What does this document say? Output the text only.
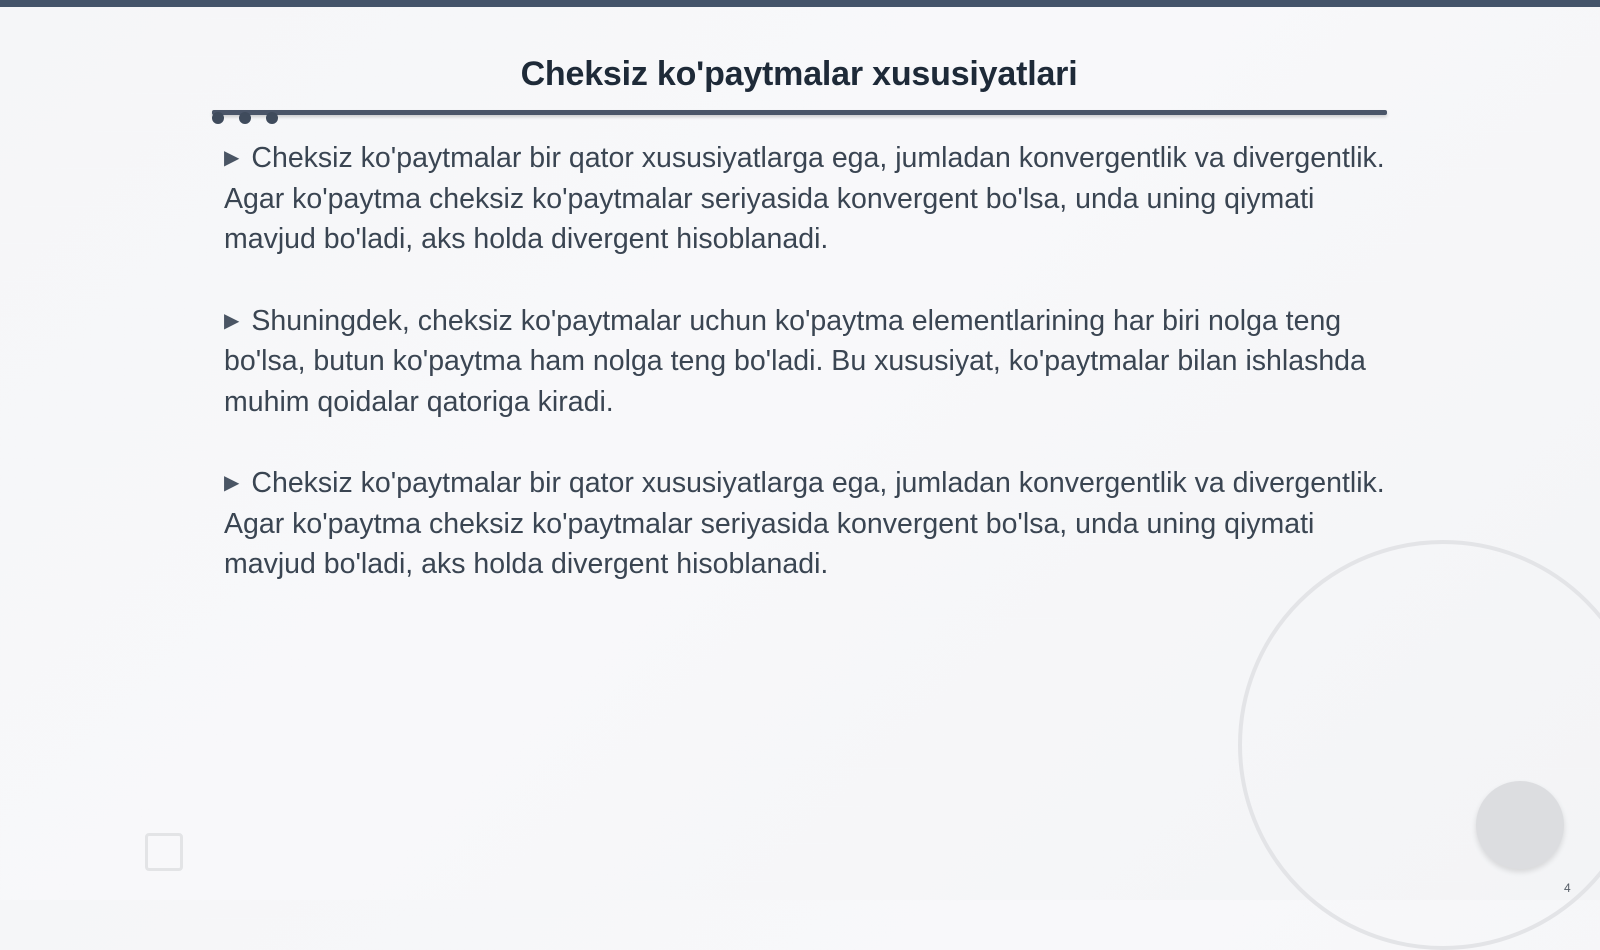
Cheksiz ko'paytmalar xususiyatlari

▶ Cheksiz ko'paytmalar bir qator xususiyatlarga ega, jumladan konvergentlik va divergentlik. Agar ko'paytma cheksiz ko'paytmalar seriyasida konvergent bo'lsa, unda uning qiymati mavjud bo'ladi, aks holda divergent hisoblanadi.

▶ Shuningdek, cheksiz ko'paytmalar uchun ko'paytma elementlarining har biri nolga teng bo'lsa, butun ko'paytma ham nolga teng bo'ladi. Bu xususiyat, ko'paytmalar bilan ishlashda muhim qoidalar qatoriga kiradi.

▶ Cheksiz ko'paytmalar bir qator xususiyatlarga ega, jumladan konvergentlik va divergentlik. Agar ko'paytma cheksiz ko'paytmalar seriyasida konvergent bo'lsa, unda uning qiymati mavjud bo'ladi, aks holda divergent hisoblanadi.

4
